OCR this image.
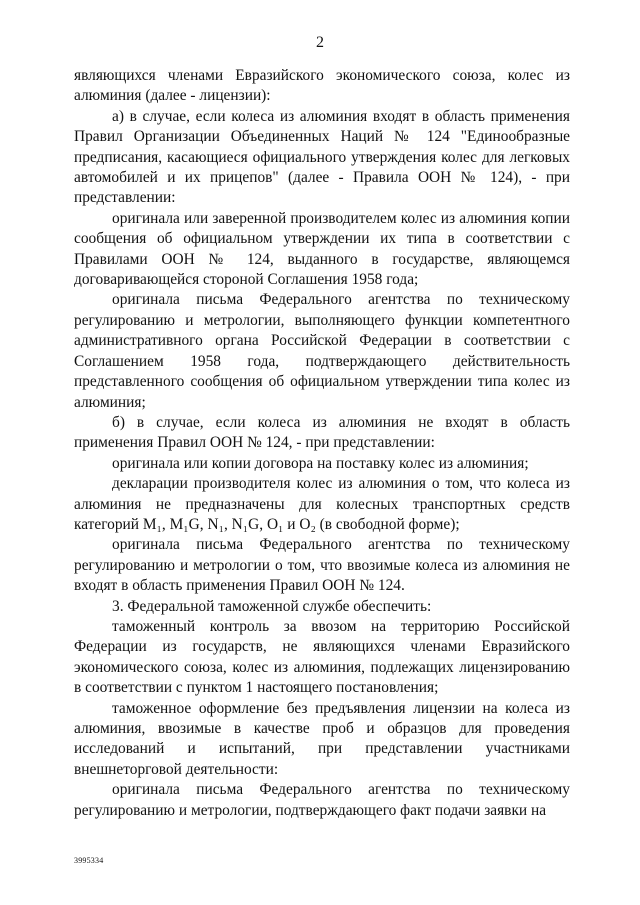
2

являющихся членами Евразийского экономического союза, колес из алюминия (далее - лицензии):

а) в случае, если колеса из алюминия входят в область применения Правил Организации Объединенных Наций № 124 "Единообразные предписания, касающиеся официального утверждения колес для легковых автомобилей и их прицепов" (далее - Правила ООН № 124), - при представлении:

оригинала или заверенной производителем колес из алюминия копии сообщения об официальном утверждении их типа в соответствии с Правилами ООН № 124, выданного в государстве, являющемся договаривающейся стороной Соглашения 1958 года;

оригинала письма Федерального агентства по техническому регулированию и метрологии, выполняющего функции компетентного административного органа Российской Федерации в соответствии с Соглашением 1958 года, подтверждающего действительность представленного сообщения об официальном утверждении типа колес из алюминия;

б) в случае, если колеса из алюминия не входят в область применения Правил ООН № 124, - при представлении:

оригинала или копии договора на поставку колес из алюминия;

декларации производителя колес из алюминия о том, что колеса из алюминия не предназначены для колесных транспортных средств категорий M₁, M₁G, N₁, N₁G, O₁ и O₂ (в свободной форме);

оригинала письма Федерального агентства по техническому регулированию и метрологии о том, что ввозимые колеса из алюминия не входят в область применения Правил ООН № 124.

3. Федеральной таможенной службе обеспечить:

таможенный контроль за ввозом на территорию Российской Федерации из государств, не являющихся членами Евразийского экономического союза, колес из алюминия, подлежащих лицензированию в соответствии с пунктом 1 настоящего постановления;

таможенное оформление без предъявления лицензии на колеса из алюминия, ввозимые в качестве проб и образцов для проведения исследований и испытаний, при представлении участниками внешнеторговой деятельности:

оригинала письма Федерального агентства по техническому регулированию и метрологии, подтверждающего факт подачи заявки на

3995334
